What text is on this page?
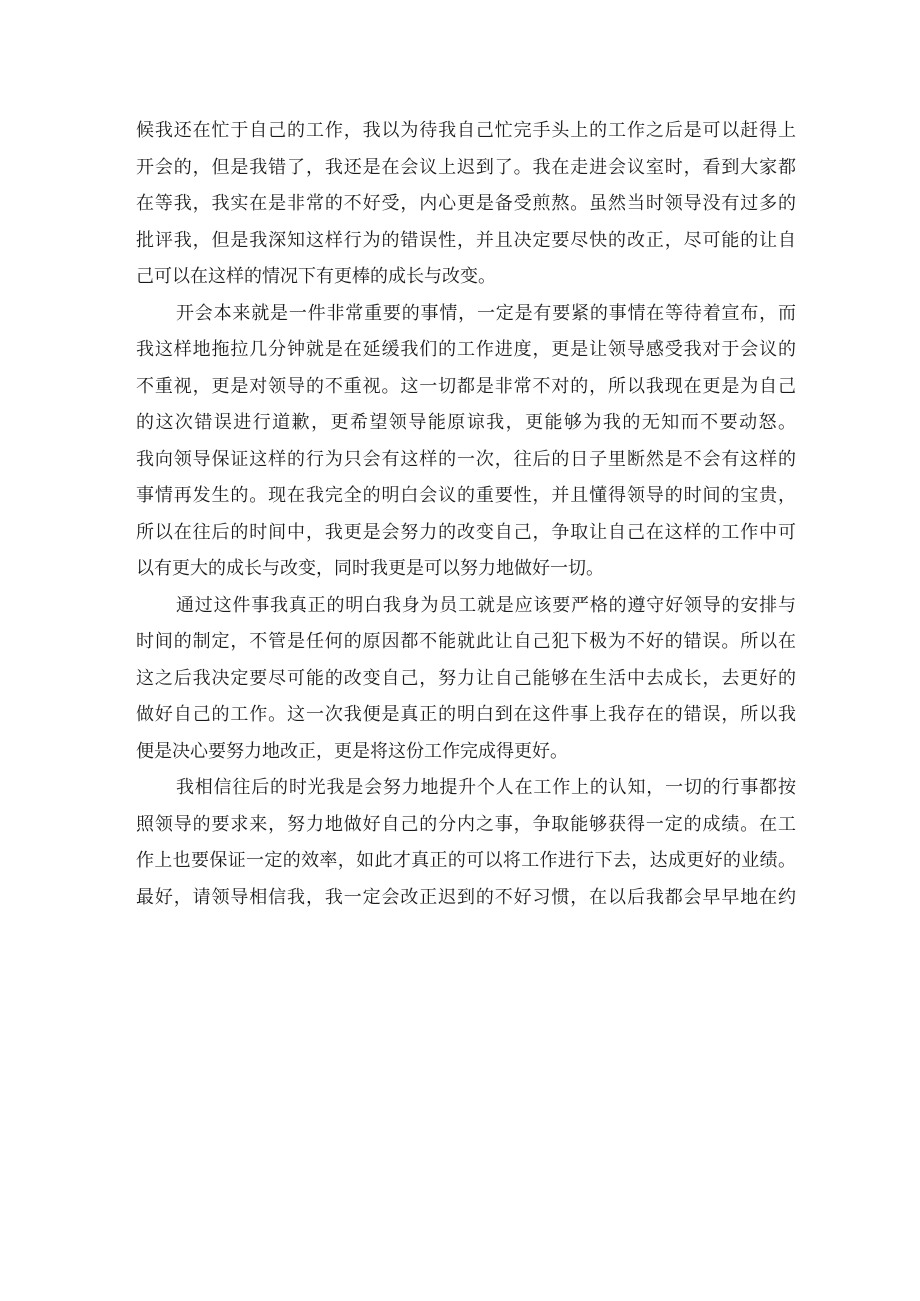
候我还在忙于自己的工作，我以为待我自己忙完手头上的工作之后是可以赶得上
开会的，但是我错了，我还是在会议上迟到了。我在走进会议室时，看到大家都
在等我，我实在是非常的不好受，内心更是备受煎熬。虽然当时领导没有过多的
批评我，但是我深知这样行为的错误性，并且决定要尽快的改正，尽可能的让自
己可以在这样的情况下有更棒的成长与改变。
开会本来就是一件非常重要的事情，一定是有要紧的事情在等待着宣布，而
我这样地拖拉几分钟就是在延缓我们的工作进度，更是让领导感受我对于会议的
不重视，更是对领导的不重视。这一切都是非常不对的，所以我现在更是为自己
的这次错误进行道歉，更希望领导能原谅我，更能够为我的无知而不要动怒。
我向领导保证这样的行为只会有这样的一次，往后的日子里断然是不会有这样的
事情再发生的。现在我完全的明白会议的重要性，并且懂得领导的时间的宝贵，
所以在往后的时间中，我更是会努力的改变自己，争取让自己在这样的工作中可
以有更大的成长与改变，同时我更是可以努力地做好一切。
通过这件事我真正的明白我身为员工就是应该要严格的遵守好领导的安排与
时间的制定，不管是任何的原因都不能就此让自己犯下极为不好的错误。所以在
这之后我决定要尽可能的改变自己，努力让自己能够在生活中去成长，去更好的
做好自己的工作。这一次我便是真正的明白到在这件事上我存在的错误，所以我
便是决心要努力地改正，更是将这份工作完成得更好。
我相信往后的时光我是会努力地提升个人在工作上的认知，一切的行事都按
照领导的要求来，努力地做好自己的分内之事，争取能够获得一定的成绩。在工
作上也要保证一定的效率，如此才真正的可以将工作进行下去，达成更好的业绩。
最好，请领导相信我，我一定会改正迟到的不好习惯，在以后我都会早早地在约
